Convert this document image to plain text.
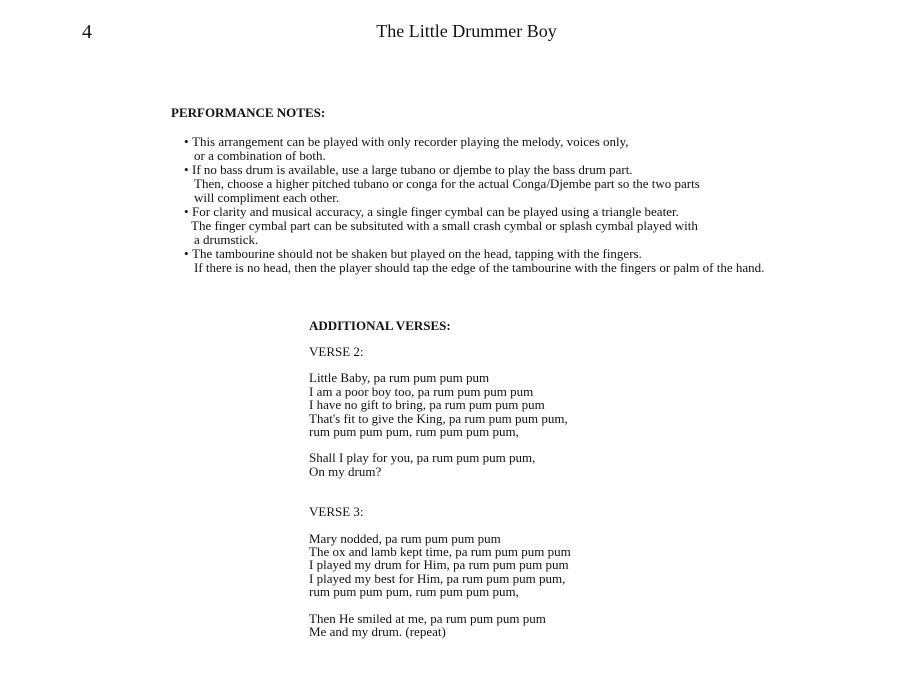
4	The Little Drummer Boy
PERFORMANCE NOTES:
• This arrangement can be played with only recorder playing the melody, voices only,
or a combination of both.
• If no bass drum is available, use a large tubano or djembe to play the bass drum part.
Then, choose a higher pitched tubano or conga for the actual Conga/Djembe part so the two parts
will compliment each other.
• For clarity and musical accuracy, a single finger cymbal can be played using a triangle beater.
The finger cymbal part can be subsituted with a small crash cymbal or splash cymbal played with
a drumstick.
• The tambourine should not be shaken but played on the head, tapping with the fingers.
If there is no head, then the player should tap the edge of the tambourine with the fingers or palm of the hand.
ADDITIONAL VERSES:

VERSE 2:

Little Baby, pa rum pum pum pum
I am a poor boy too, pa rum pum pum pum
I have no gift to bring, pa rum pum pum pum
That's fit to give the King, pa rum pum pum pum,
rum pum pum pum, rum pum pum pum,
Shall I play for you, pa rum pum pum pum,
On my drum?

VERSE 3:

Mary nodded, pa rum pum pum pum
The ox and lamb kept time, pa rum pum pum pum
I played my drum for Him, pa rum pum pum pum
I played my best for Him, pa rum pum pum pum,
rum pum pum pum, rum pum pum pum,
Then He smiled at me, pa rum pum pum pum
Me and my drum. (repeat)
